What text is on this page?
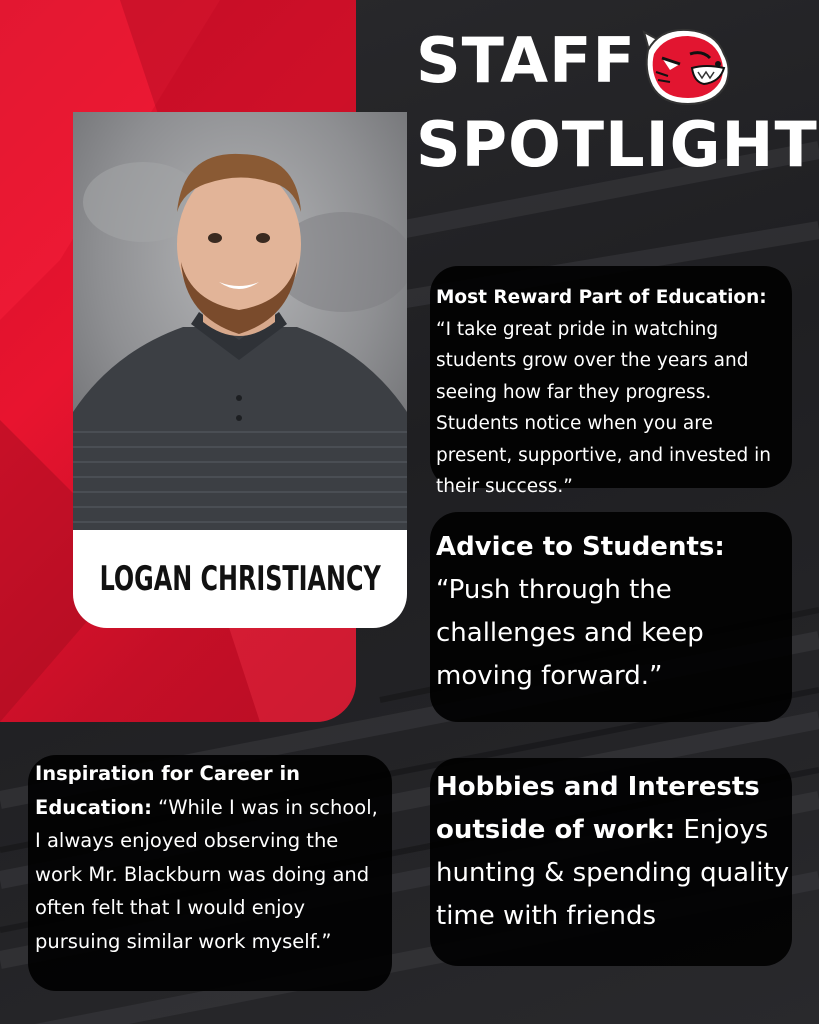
STAFF
SPOTLIGHT
LOGAN CHRISTIANCY
Most Reward Part of Education:
“I take great pride in watching students grow over the years and seeing how far they progress. Students notice when you are present, supportive, and invested in their success.”
Advice to Students:
“Push through the challenges and keep moving forward.”
Inspiration for Career in Education: “While I was in school, I always enjoyed observing the work Mr. Blackburn was doing and often felt that I would enjoy pursuing similar work myself.”
Hobbies and Interests outside of work: Enjoys hunting & spending quality time with friends
